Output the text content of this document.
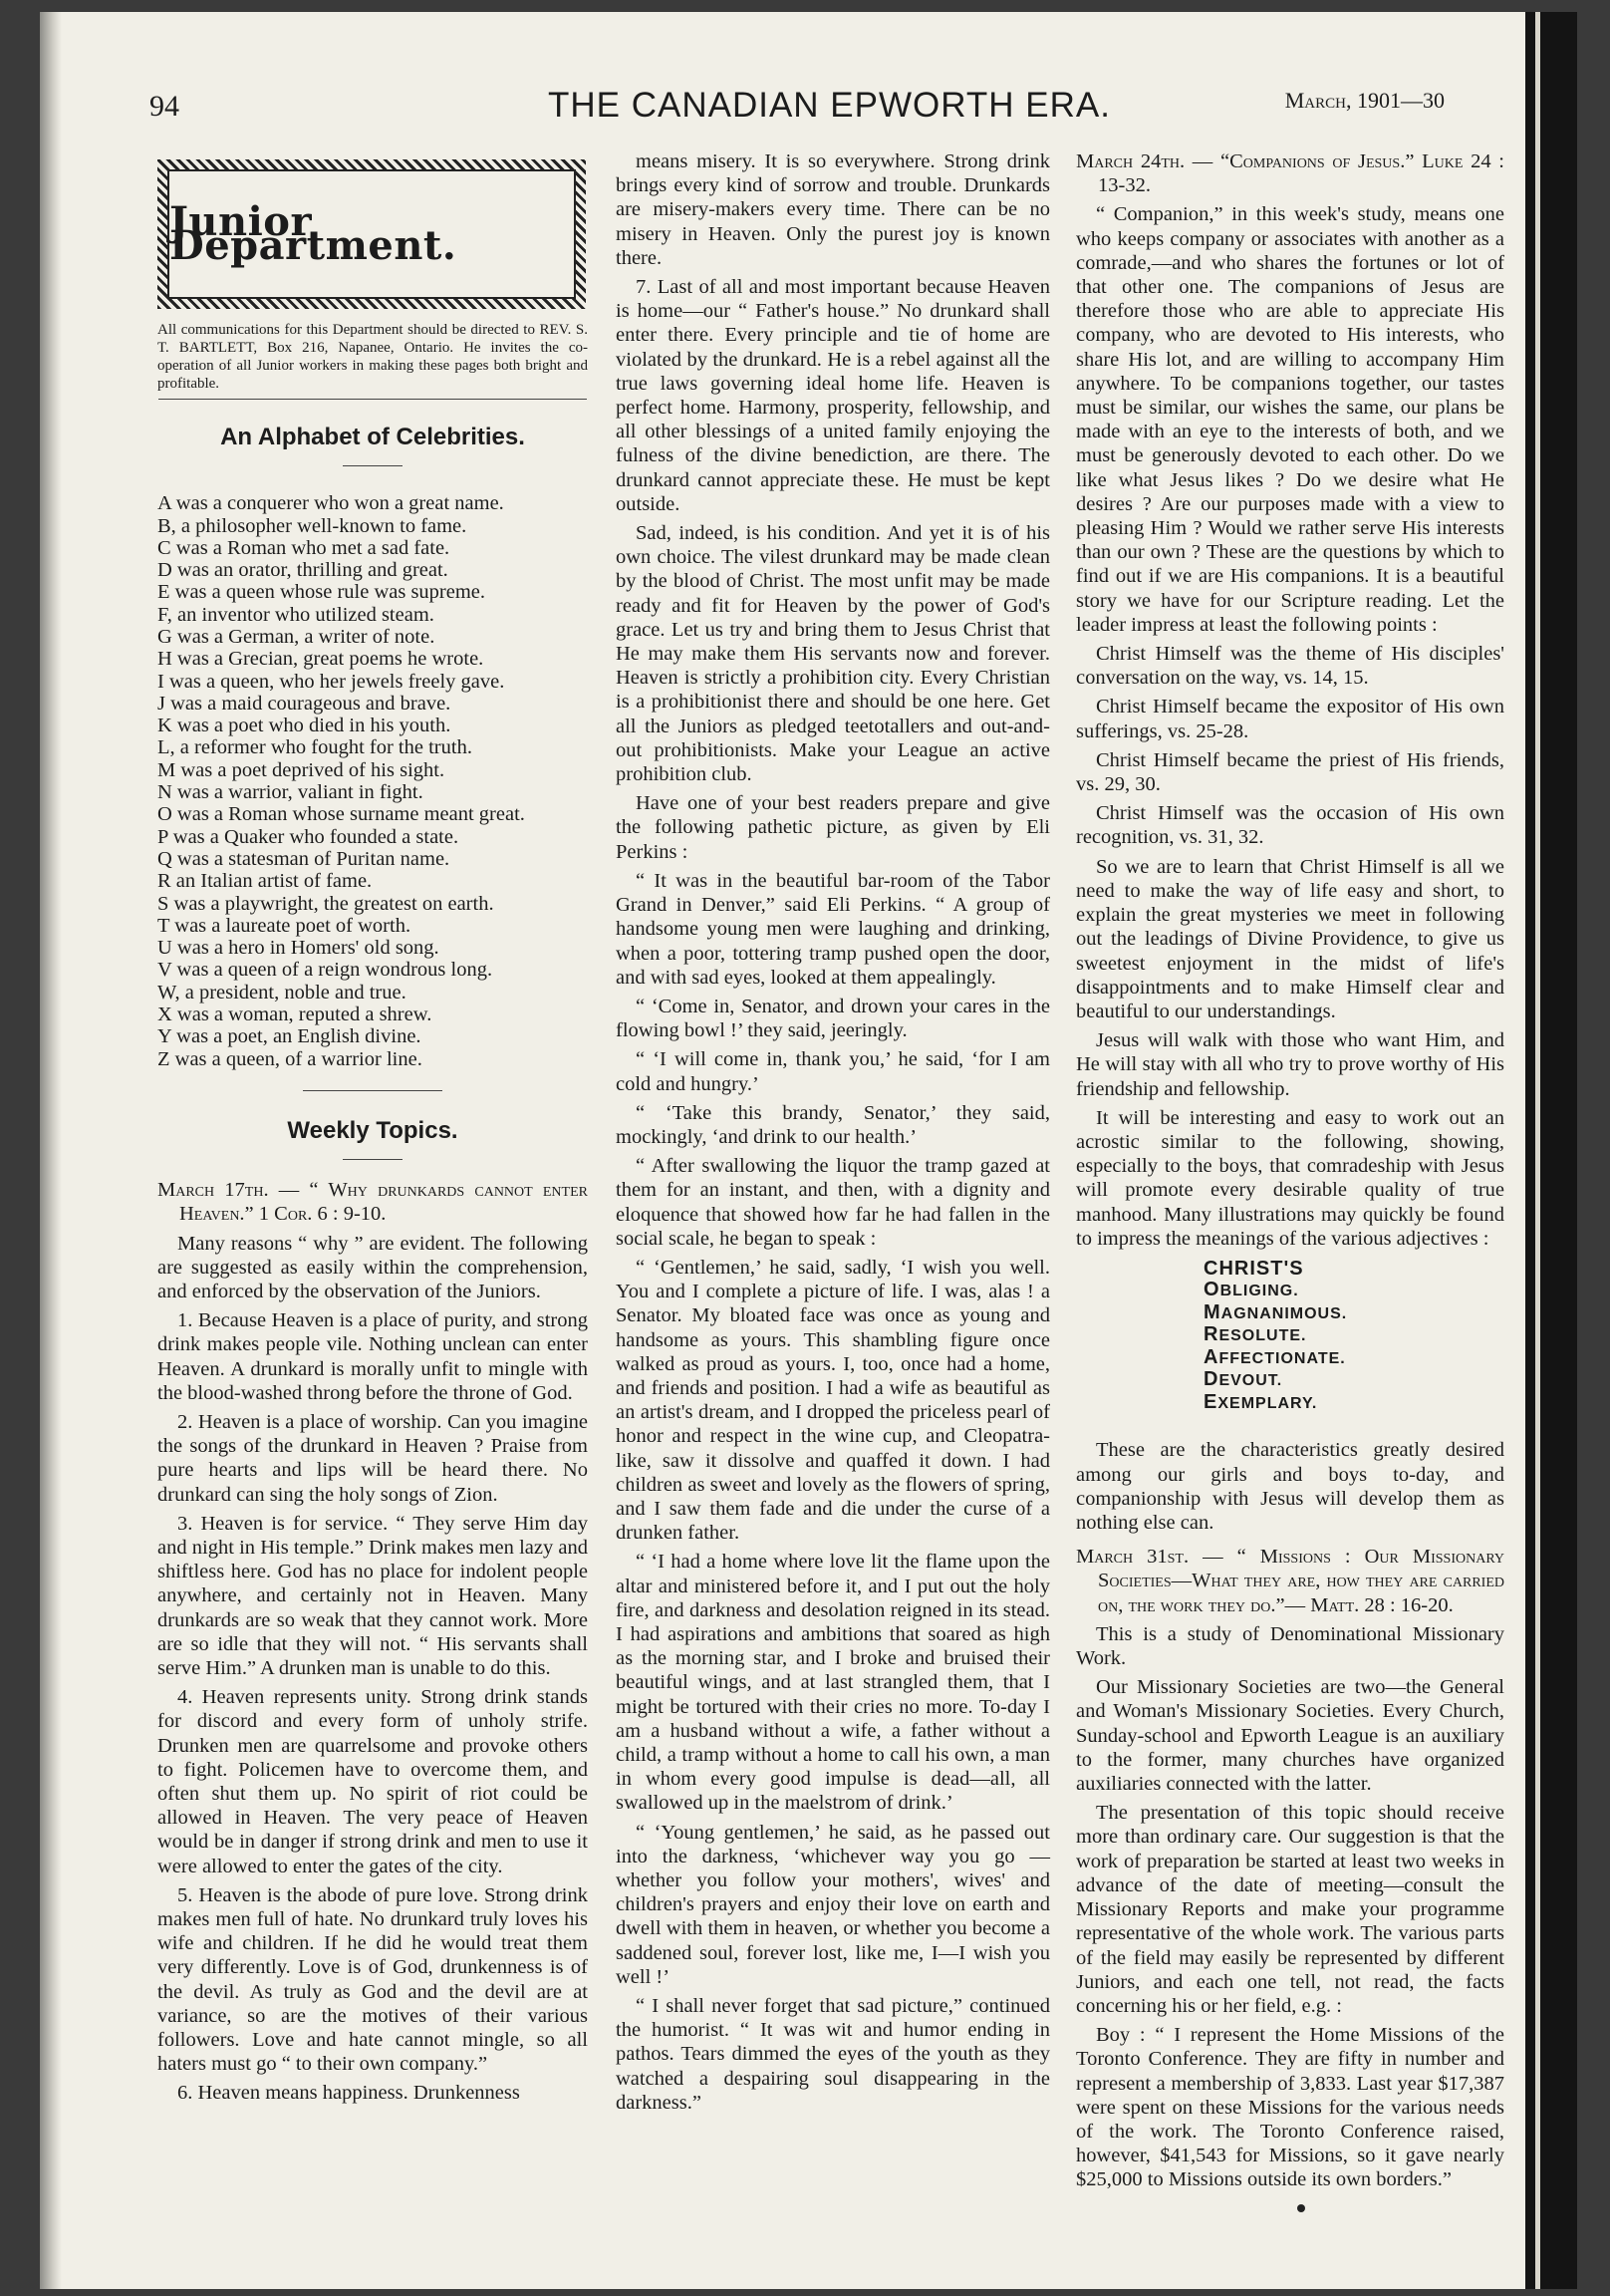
94	THE CANADIAN EPWORTH ERA.	March, 1901—30
Junior Department.
All communications for this Department should be directed to REV. S. T. BARTLETT, Box 216, Napanee, Ontario. He invites the co-operation of all Junior workers in making these pages both bright and profitable.
An Alphabet of Celebrities.
A was a conquerer who won a great name.
B, a philosopher well-known to fame.
C was a Roman who met a sad fate.
D was an orator, thrilling and great.
E was a queen whose rule was supreme.
F, an inventor who utilized steam.
G was a German, a writer of note.
H was a Grecian, great poems he wrote.
I was a queen, who her jewels freely gave.
J was a maid courageous and brave.
K was a poet who died in his youth.
L, a reformer who fought for the truth.
M was a poet deprived of his sight.
N was a warrior, valiant in fight.
O was a Roman whose surname meant great.
P was a Quaker who founded a state.
Q was a statesman of Puritan name.
R an Italian artist of fame.
S was a playwright, the greatest on earth.
T was a laureate poet of worth.
U was a hero in Homers' old song.
V was a queen of a reign wondrous long.
W, a president, noble and true.
X was a woman, reputed a shrew.
Y was a poet, an English divine.
Z was a queen, of a warrior line.
Weekly Topics.

March 17th. — “ Why drunkards cannot enter Heaven.” 1 Cor. 6 : 9-10.

Many reasons “ why ” are evident. The following are suggested as easily within the comprehension, and enforced by the observation of the Juniors.

1. Because Heaven is a place of purity, and strong drink makes people vile. Nothing unclean can enter Heaven. A drunkard is morally unfit to mingle with the blood-washed throng before the throne of God.

2. Heaven is a place of worship. Can you imagine the songs of the drunkard in Heaven ? Praise from pure hearts and lips will be heard there. No drunkard can sing the holy songs of Zion.

3. Heaven is for service. “ They serve Him day and night in His temple.” Drink makes men lazy and shiftless here. God has no place for indolent people anywhere, and certainly not in Heaven. Many drunkards are so weak that they cannot work. More are so idle that they will not. “ His servants shall serve Him.” A drunken man is unable to do this.

4. Heaven represents unity. Strong drink stands for discord and every form of unholy strife. Drunken men are quarrelsome and provoke others to fight. Policemen have to overcome them, and often shut them up. No spirit of riot could be allowed in Heaven. The very peace of Heaven would be in danger if strong drink and men to use it were allowed to enter the gates of the city.

5. Heaven is the abode of pure love. Strong drink makes men full of hate. No drunkard truly loves his wife and children. If he did he would treat them very differently. Love is of God, drunkenness is of the devil. As truly as God and the devil are at variance, so are the motives of their various followers. Love and hate cannot mingle, so all haters must go “ to their own company.”

6. Heaven means happiness. Drunkenness

means misery. It is so everywhere. Strong drink brings every kind of sorrow and trouble. Drunkards are misery-makers every time. There can be no misery in Heaven. Only the purest joy is known there.

7. Last of all and most important because Heaven is home—our “ Father's house.” No drunkard shall enter there. Every principle and tie of home are violated by the drunkard. He is a rebel against all the true laws governing ideal home life. Heaven is perfect home. Harmony, prosperity, fellowship, and all other blessings of a united family enjoying the fulness of the divine benediction, are there. The drunkard cannot appreciate these. He must be kept outside.

Sad, indeed, is his condition. And yet it is of his own choice. The vilest drunkard may be made clean by the blood of Christ. The most unfit may be made ready and fit for Heaven by the power of God's grace. Let us try and bring them to Jesus Christ that He may make them His servants now and forever. Heaven is strictly a prohibition city. Every Christian is a prohibitionist there and should be one here. Get all the Juniors as pledged teetotallers and out-and-out prohibitionists. Make your League an active prohibition club.

Have one of your best readers prepare and give the following pathetic picture, as given by Eli Perkins :

“ It was in the beautiful bar-room of the Tabor Grand in Denver,” said Eli Perkins. “ A group of handsome young men were laughing and drinking, when a poor, tottering tramp pushed open the door, and with sad eyes, looked at them appealingly.

“ ‘Come in, Senator, and drown your cares in the flowing bowl !’ they said, jeeringly.

“ ‘I will come in, thank you,’ he said, ‘for I am cold and hungry.’

“ ‘Take this brandy, Senator,’ they said, mockingly, ‘and drink to our health.’

“ After swallowing the liquor the tramp gazed at them for an instant, and then, with a dignity and eloquence that showed how far he had fallen in the social scale, he began to speak :

“ ‘Gentlemen,’ he said, sadly, ‘I wish you well. You and I complete a picture of life. I was, alas ! a Senator. My bloated face was once as young and handsome as yours. This shambling figure once walked as proud as yours. I, too, once had a home, and friends and position. I had a wife as beautiful as an artist's dream, and I dropped the priceless pearl of honor and respect in the wine cup, and Cleopatra-like, saw it dissolve and quaffed it down. I had children as sweet and lovely as the flowers of spring, and I saw them fade and die under the curse of a drunken father.

“ ‘I had a home where love lit the flame upon the altar and ministered before it, and I put out the holy fire, and darkness and desolation reigned in its stead. I had aspirations and ambitions that soared as high as the morning star, and I broke and bruised their beautiful wings, and at last strangled them, that I might be tortured with their cries no more. To-day I am a husband without a wife, a father without a child, a tramp without a home to call his own, a man in whom every good impulse is dead—all, all swallowed up in the maelstrom of drink.’

“ ‘Young gentlemen,’ he said, as he passed out into the darkness, ‘whichever way you go — whether you follow your mothers', wives' and children's prayers and enjoy their love on earth and dwell with them in heaven, or whether you become a saddened soul, forever lost, like me, I—I wish you well !’

“ I shall never forget that sad picture,” continued the humorist. “ It was wit and humor ending in pathos. Tears dimmed the eyes of the youth as they watched a despairing soul disappearing in the darkness.”

March 24th. — “Companions of Jesus.” Luke 24 : 13-32.

“ Companion,” in this week's study, means one who keeps company or associates with another as a comrade,—and who shares the fortunes or lot of that other one. The companions of Jesus are therefore those who are able to appreciate His company, who are devoted to His interests, who share His lot, and are willing to accompany Him anywhere. To be companions together, our tastes must be similar, our wishes the same, our plans be made with an eye to the interests of both, and we must be generously devoted to each other. Do we like what Jesus likes ? Do we desire what He desires ? Are our purposes made with a view to pleasing Him ? Would we rather serve His interests than our own ? These are the questions by which to find out if we are His companions. It is a beautiful story we have for our Scripture reading. Let the leader impress at least the following points :

Christ Himself was the theme of His disciples' conversation on the way, vs. 14, 15.

Christ Himself became the expositor of His own sufferings, vs. 25-28.

Christ Himself became the priest of His friends, vs. 29, 30.

Christ Himself was the occasion of His own recognition, vs. 31, 32.

So we are to learn that Christ Himself is all we need to make the way of life easy and short, to explain the great mysteries we meet in following out the leadings of Divine Providence, to give us sweetest enjoyment in the midst of life's disappointments and to make Himself clear and beautiful to our understandings.

Jesus will walk with those who want Him, and He will stay with all who try to prove worthy of His friendship and fellowship.

It will be interesting and easy to work out an acrostic similar to the following, showing, especially to the boys, that comradeship with Jesus will promote every desirable quality of true manhood. Many illustrations may quickly be found to impress the meanings of the various adjectives :

CHRIST'S
OBLIGING.
MAGNANIMOUS.
RESOLUTE.
AFFECTIONATE.
DEVOUT.
EXEMPLARY.

These are the characteristics greatly desired among our girls and boys to-day, and companionship with Jesus will develop them as nothing else can.

March 31st. — “ Missions : Our Missionary Societies—What they are, how they are carried on, the work they do.”— Matt. 28 : 16-20.

This is a study of Denominational Missionary Work.

Our Missionary Societies are two—the General and Woman's Missionary Societies. Every Church, Sunday-school and Epworth League is an auxiliary to the former, many churches have organized auxiliaries connected with the latter.

The presentation of this topic should receive more than ordinary care. Our suggestion is that the work of preparation be started at least two weeks in advance of the date of meeting—consult the Missionary Reports and make your programme representative of the whole work. The various parts of the field may easily be represented by different Juniors, and each one tell, not read, the facts concerning his or her field, e.g. :

Boy : “ I represent the Home Missions of the Toronto Conference. They are fifty in number and represent a membership of 3,833. Last year $17,387 were spent on these Missions for the various needs of the work. The Toronto Conference raised, however, $41,543 for Missions, so it gave nearly $25,000 to Missions outside its own borders.”
